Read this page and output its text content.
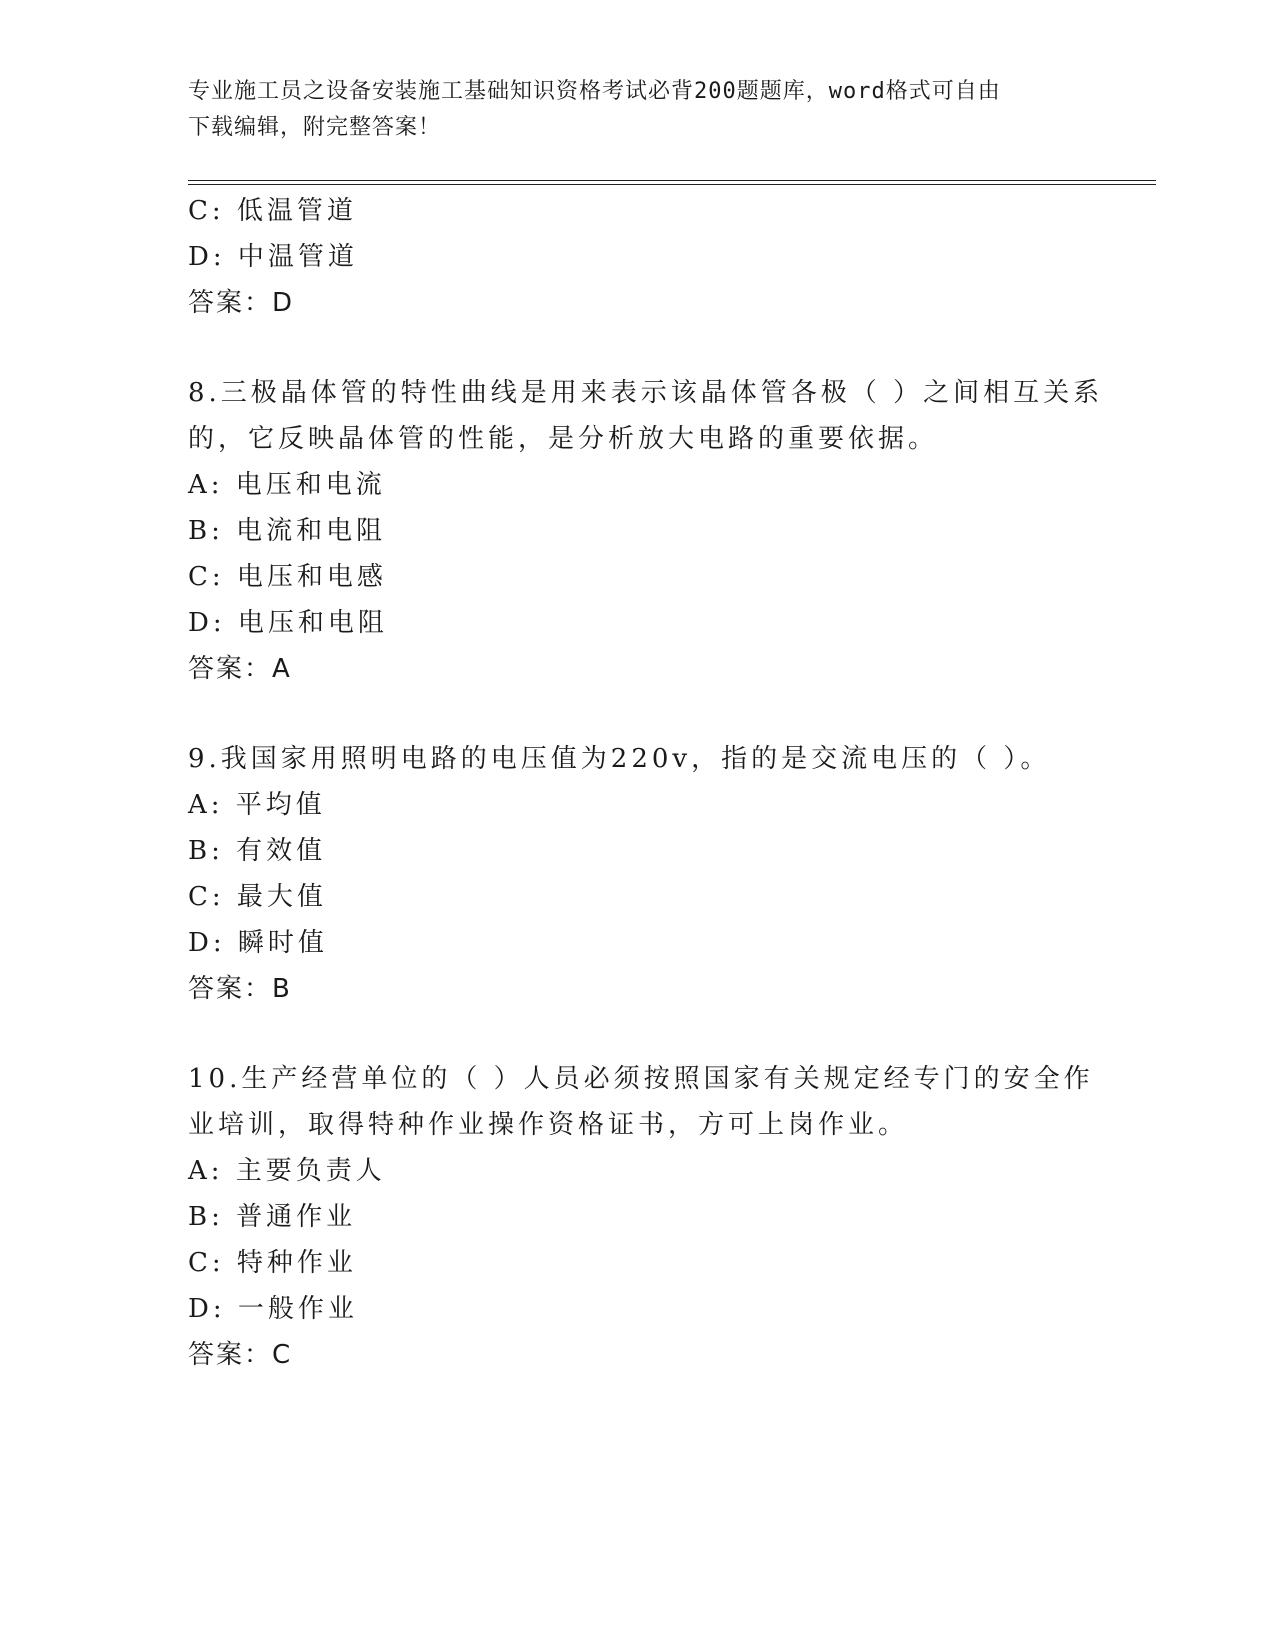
专业施工员之设备安装施工基础知识资格考试必背200题题库，word格式可自由
下载编辑，附完整答案！
C: 低温管道
D: 中温管道
答案：D
8.三极晶体管的特性曲线是用来表示该晶体管各极（ ）之间相互关系
的，它反映晶体管的性能，是分析放大电路的重要依据。
A: 电压和电流
B: 电流和电阻
C: 电压和电感
D: 电压和电阻
答案：A
9.我国家用照明电路的电压值为220v，指的是交流电压的（ ）。
A: 平均值
B: 有效值
C: 最大值
D: 瞬时值
答案：B
10.生产经营单位的（ ）人员必须按照国家有关规定经专门的安全作
业培训，取得特种作业操作资格证书，方可上岗作业。
A: 主要负责人
B: 普通作业
C: 特种作业
D: 一般作业
答案：C
